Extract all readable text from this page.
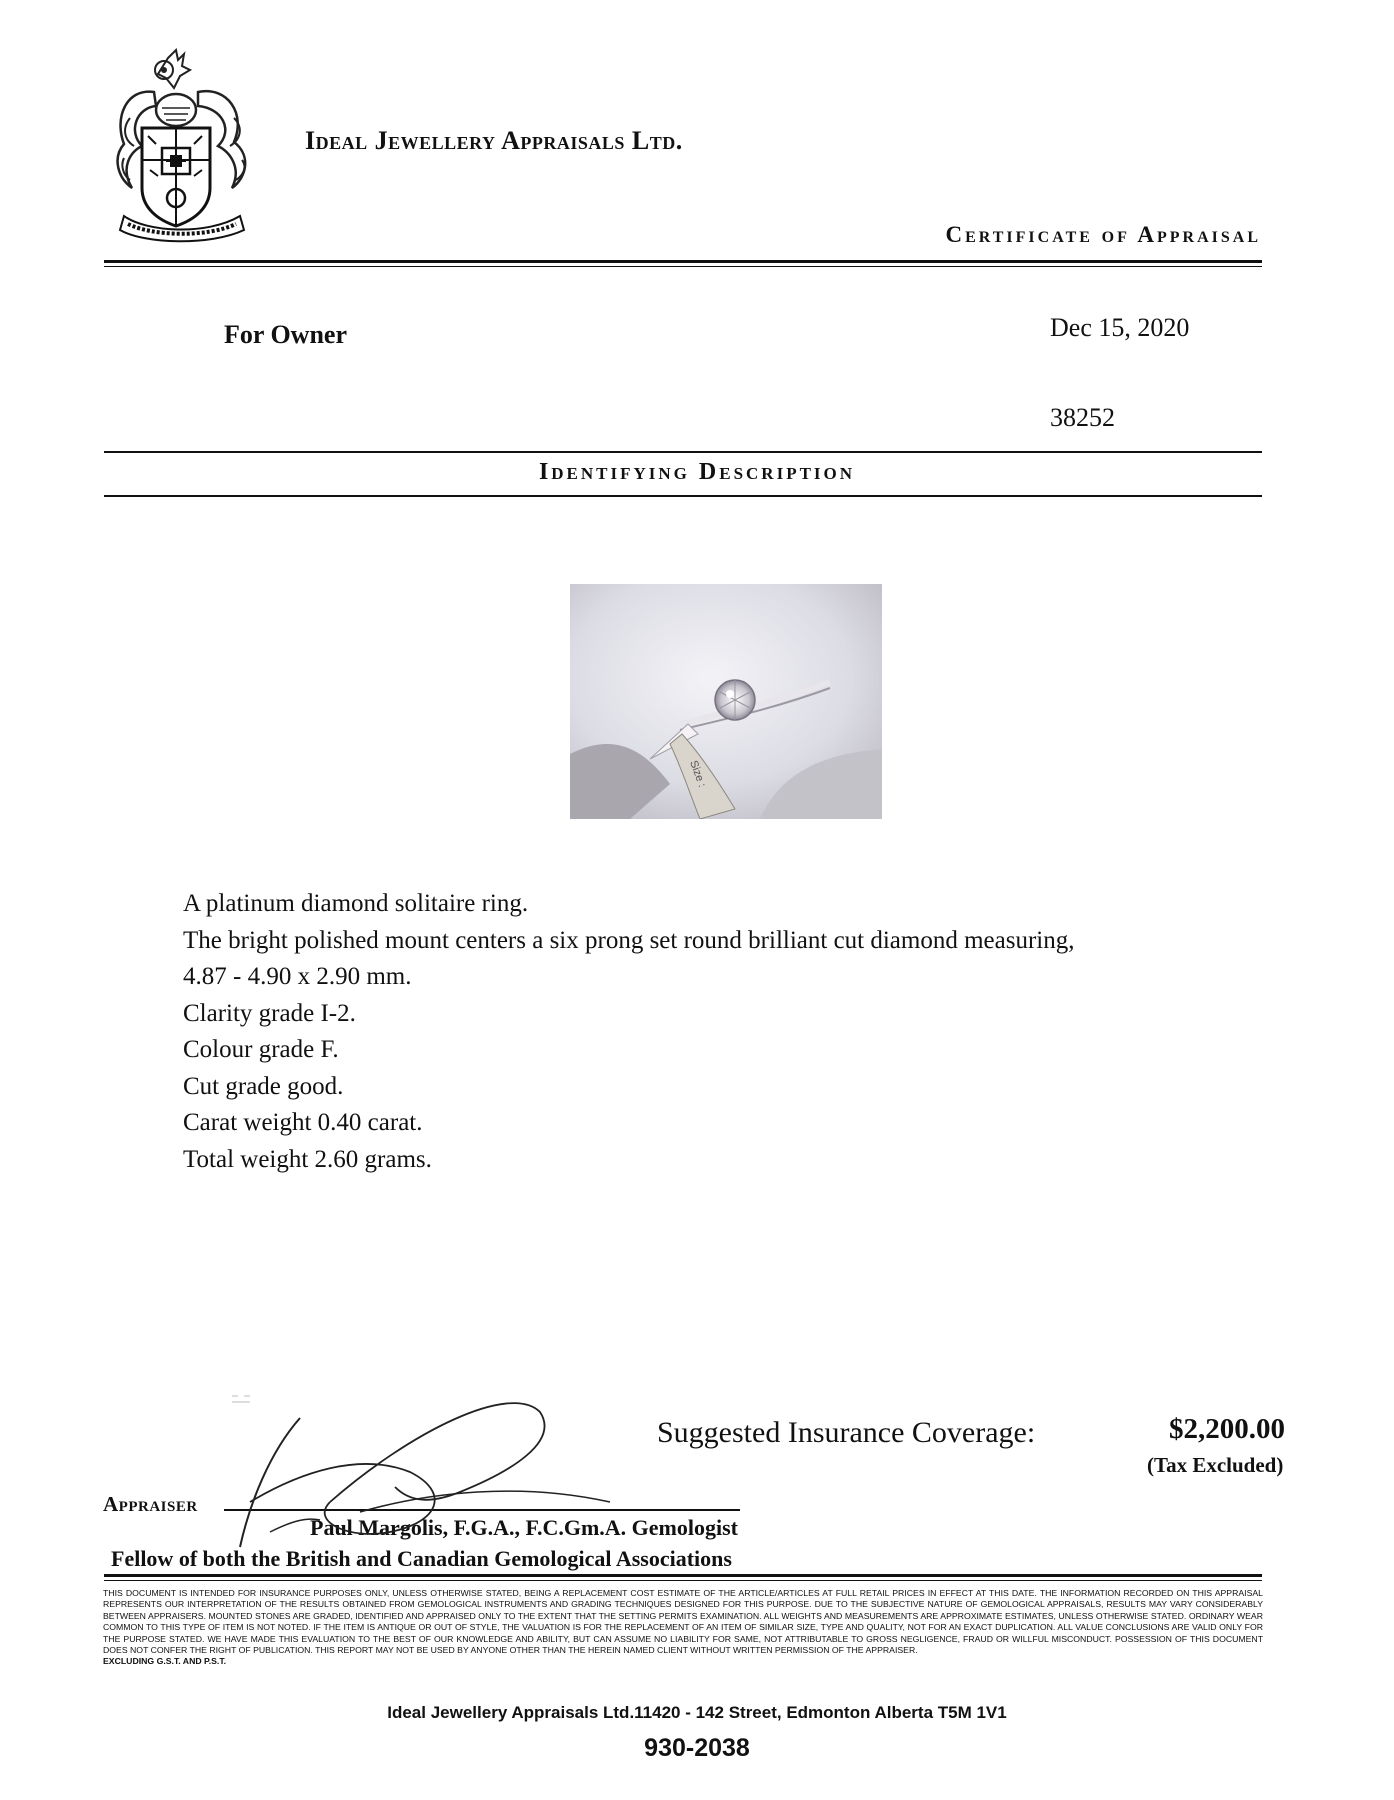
Ideal Jewellery Appraisals Ltd.
Certificate of Appraisal
For Owner	Dec 15, 2020
38252
Identifying Description
Size :
A platinum diamond solitaire ring.
The bright polished mount centers a six prong set round brilliant cut diamond measuring,
4.87 - 4.90 x 2.90 mm.
Clarity grade I-2.
Colour grade F.
Cut grade good.
Carat weight 0.40 carat.
Total weight 2.60 grams.
Suggested Insurance Coverage:	$2,200.00
(Tax Excluded)
Appraiser
Paul Margolis, F.G.A., F.C.Gm.A. Gemologist
Fellow of both the British and Canadian Gemological Associations
THIS DOCUMENT IS INTENDED FOR INSURANCE PURPOSES ONLY, UNLESS OTHERWISE STATED, BEING A REPLACEMENT COST ESTIMATE OF THE ARTICLE/ARTICLES AT FULL RETAIL PRICES IN EFFECT AT THIS DATE. THE INFORMATION RECORDED ON THIS APPRAISAL REPRESENTS OUR INTERPRETATION OF THE RESULTS OBTAINED FROM GEMOLOGICAL INSTRUMENTS AND GRADING TECHNIQUES DESIGNED FOR THIS PURPOSE. DUE TO THE SUBJECTIVE NATURE OF GEMOLOGICAL APPRAISALS, RESULTS MAY VARY CONSIDERABLY BETWEEN APPRAISERS. MOUNTED STONES ARE GRADED, IDENTIFIED AND APPRAISED ONLY TO THE EXTENT THAT THE SETTING PERMITS EXAMINATION. ALL WEIGHTS AND MEASUREMENTS ARE APPROXIMATE ESTIMATES, UNLESS OTHERWISE STATED. ORDINARY WEAR COMMON TO THIS TYPE OF ITEM IS NOT NOTED. IF THE ITEM IS ANTIQUE OR OUT OF STYLE, THE VALUATION IS FOR THE REPLACEMENT OF AN ITEM OF SIMILAR SIZE, TYPE AND QUALITY, NOT FOR AN EXACT DUPLICATION. ALL VALUE CONCLUSIONS ARE VALID ONLY FOR THE PURPOSE STATED. WE HAVE MADE THIS EVALUATION TO THE BEST OF OUR KNOWLEDGE AND ABILITY, BUT CAN ASSUME NO LIABILITY FOR SAME, NOT ATTRIBUTABLE TO GROSS NEGLIGENCE, FRAUD OR WILLFUL MISCONDUCT. POSSESSION OF THIS DOCUMENT DOES NOT CONFER THE RIGHT OF PUBLICATION. THIS REPORT MAY NOT BE USED BY ANYONE OTHER THAN THE HEREIN NAMED CLIENT WITHOUT WRITTEN PERMISSION OF THE APPRAISER.
EXCLUDING G.S.T. AND P.S.T.
Ideal Jewellery Appraisals Ltd.11420 - 142 Street, Edmonton Alberta T5M 1V1
930-2038
